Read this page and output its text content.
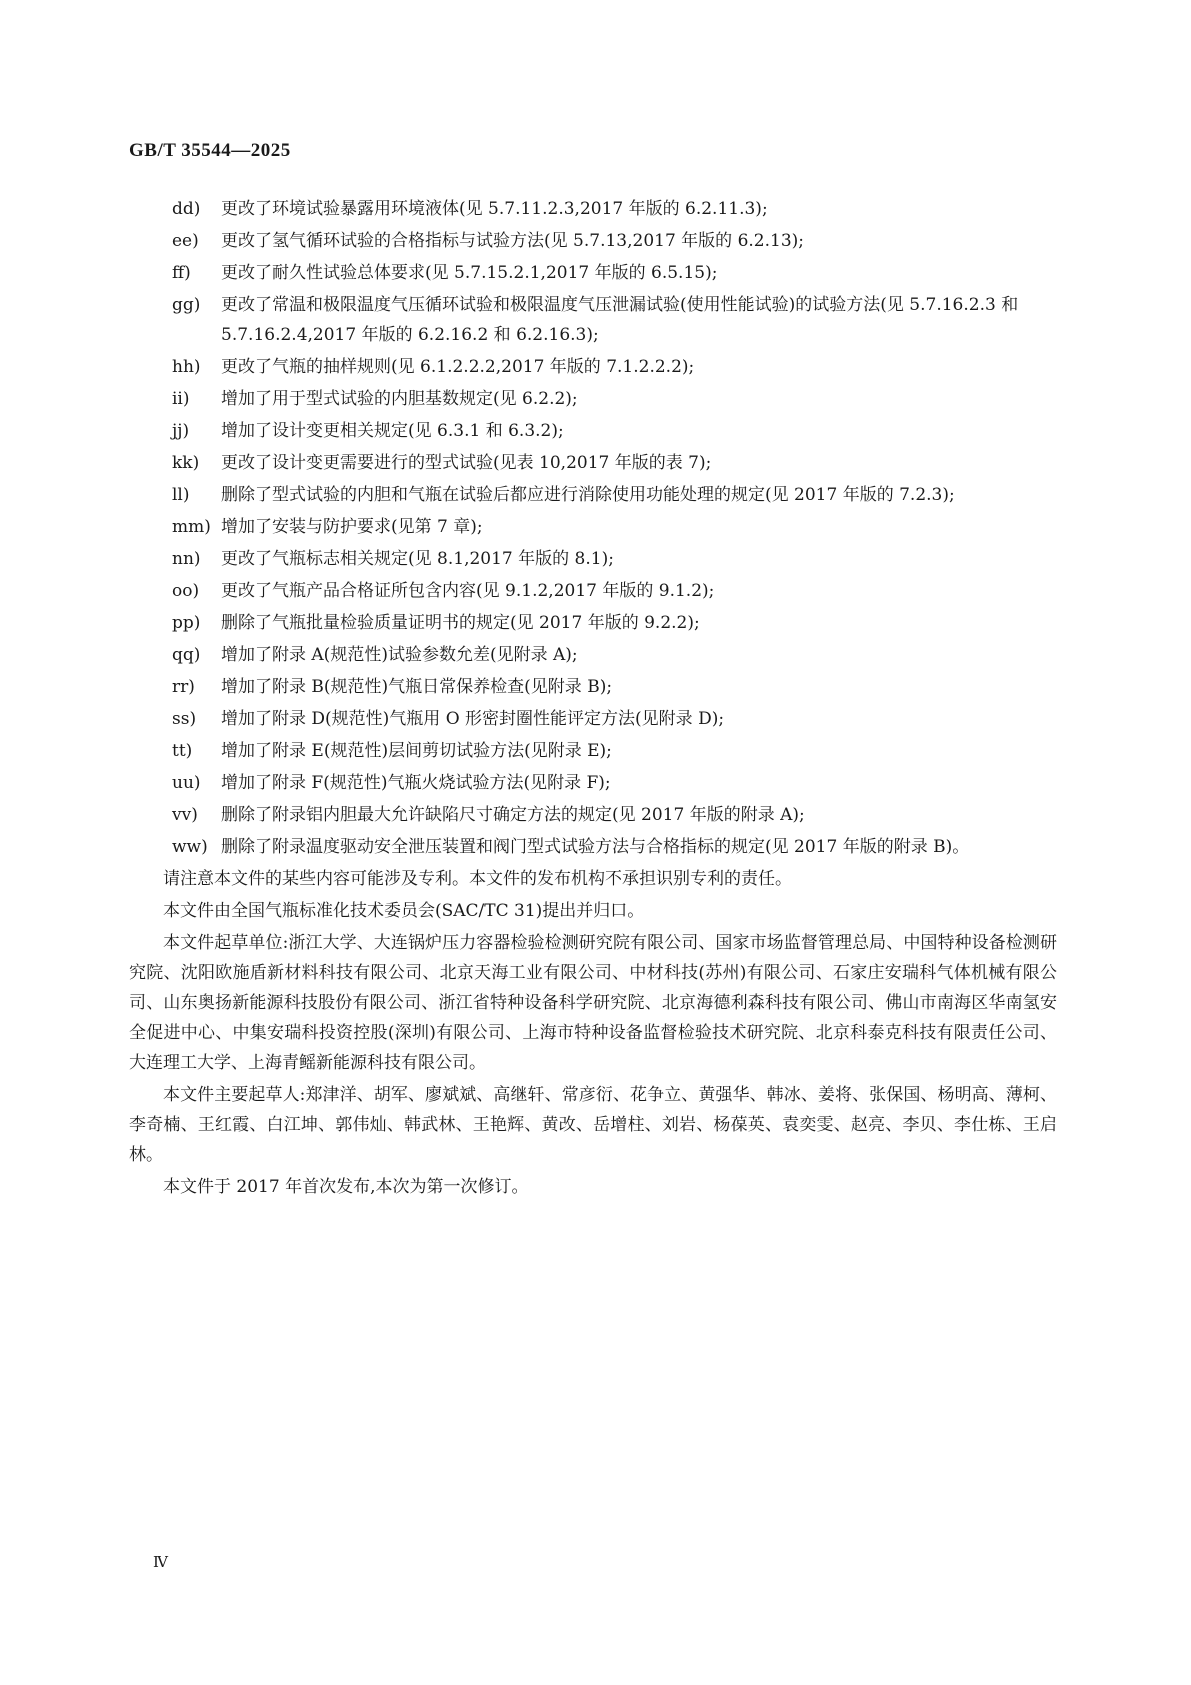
GB/T 35544—2025
dd) 更改了环境试验暴露用环境液体(见 5.7.11.2.3,2017 年版的 6.2.11.3);
ee) 更改了氢气循环试验的合格指标与试验方法(见 5.7.13,2017 年版的 6.2.13);
ff) 更改了耐久性试验总体要求(见 5.7.15.2.1,2017 年版的 6.5.15);
gg) 更改了常温和极限温度气压循环试验和极限温度气压泄漏试验(使用性能试验)的试验方法(见 5.7.16.2.3 和 5.7.16.2.4,2017 年版的 6.2.16.2 和 6.2.16.3);
hh) 更改了气瓶的抽样规则(见 6.1.2.2.2,2017 年版的 7.1.2.2.2);
ii) 增加了用于型式试验的内胆基数规定(见 6.2.2);
jj) 增加了设计变更相关规定(见 6.3.1 和 6.3.2);
kk) 更改了设计变更需要进行的型式试验(见表 10,2017 年版的表 7);
ll) 删除了型式试验的内胆和气瓶在试验后都应进行消除使用功能处理的规定(见 2017 年版的 7.2.3);
mm) 增加了安装与防护要求(见第 7 章);
nn) 更改了气瓶标志相关规定(见 8.1,2017 年版的 8.1);
oo) 更改了气瓶产品合格证所包含内容(见 9.1.2,2017 年版的 9.1.2);
pp) 删除了气瓶批量检验质量证明书的规定(见 2017 年版的 9.2.2);
qq) 增加了附录 A(规范性)试验参数允差(见附录 A);
rr) 增加了附录 B(规范性)气瓶日常保养检查(见附录 B);
ss) 增加了附录 D(规范性)气瓶用 O 形密封圈性能评定方法(见附录 D);
tt) 增加了附录 E(规范性)层间剪切试验方法(见附录 E);
uu) 增加了附录 F(规范性)气瓶火烧试验方法(见附录 F);
vv) 删除了附录铝内胆最大允许缺陷尺寸确定方法的规定(见 2017 年版的附录 A);
ww) 删除了附录温度驱动安全泄压装置和阀门型式试验方法与合格指标的规定(见 2017 年版的附录 B)。

请注意本文件的某些内容可能涉及专利。本文件的发布机构不承担识别专利的责任。

本文件由全国气瓶标准化技术委员会(SAC/TC 31)提出并归口。

本文件起草单位:浙江大学、大连锅炉压力容器检验检测研究院有限公司、国家市场监督管理总局、中国特种设备检测研究院、沈阳欧施盾新材料科技有限公司、北京天海工业有限公司、中材科技(苏州)有限公司、石家庄安瑞科气体机械有限公司、山东奥扬新能源科技股份有限公司、浙江省特种设备科学研究院、北京海德利森科技有限公司、佛山市南海区华南氢安全促进中心、中集安瑞科投资控股(深圳)有限公司、上海市特种设备监督检验技术研究院、北京科泰克科技有限责任公司、大连理工大学、上海青鳐新能源科技有限公司。

本文件主要起草人:郑津洋、胡军、廖斌斌、高继轩、常彦衍、花争立、黄强华、韩冰、姜将、张保国、杨明高、薄柯、李奇楠、王红霞、白江坤、郭伟灿、韩武林、王艳辉、黄改、岳增柱、刘岩、杨葆英、袁奕雯、赵亮、李贝、李仕栋、王启林。

本文件于 2017 年首次发布,本次为第一次修订。

Ⅳ
